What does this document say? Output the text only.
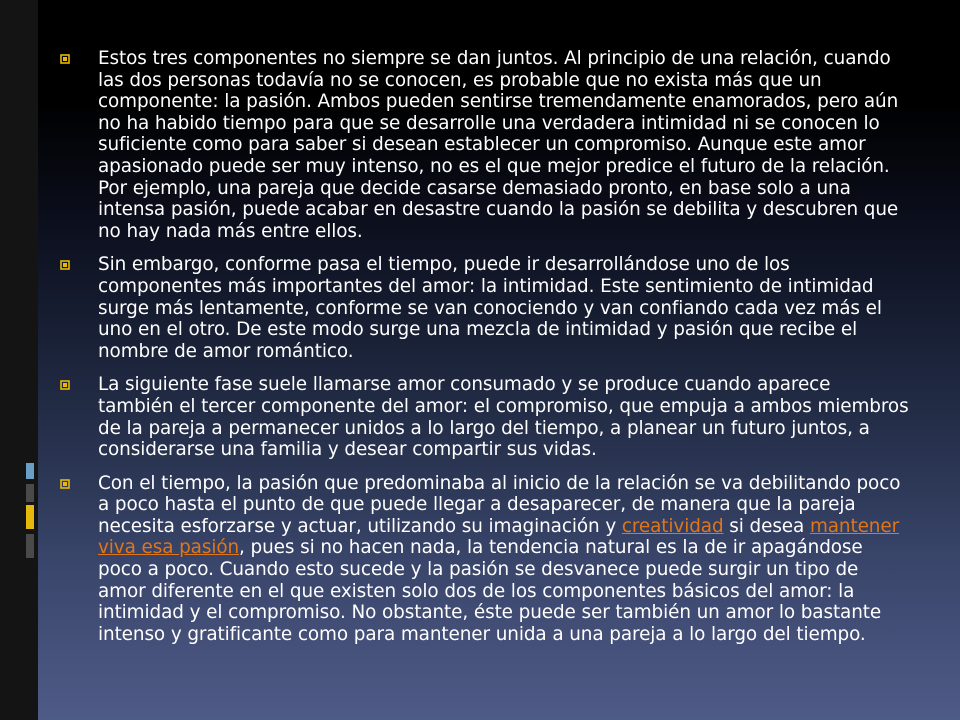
Estos tres componentes no siempre se dan juntos. Al principio de una relación, cuando las dos personas todavía no se conocen, es probable que no exista más que un componente: la pasión. Ambos pueden sentirse tremendamente enamorados, pero aún no ha habido tiempo para que se desarrolle una verdadera intimidad ni se conocen lo suficiente como para saber si desean establecer un compromiso. Aunque este amor apasionado puede ser muy intenso, no es el que mejor predice el futuro de la relación. Por ejemplo, una pareja que decide casarse demasiado pronto, en base solo a una intensa pasión, puede acabar en desastre cuando la pasión se debilita y descubren que no hay nada más entre ellos.
Sin embargo, conforme pasa el tiempo, puede ir desarrollándose uno de los componentes más importantes del amor: la intimidad. Este sentimiento de intimidad surge más lentamente, conforme se van conociendo y van confiando cada vez más el uno en el otro. De este modo surge una mezcla de intimidad y pasión que recibe el nombre de amor romántico.
La siguiente fase suele llamarse amor consumado y se produce cuando aparece también el tercer componente del amor: el compromiso, que empuja a ambos miembros de la pareja a permanecer unidos a lo largo del tiempo, a planear un futuro juntos, a considerarse una familia y desear compartir sus vidas.
Con el tiempo, la pasión que predominaba al inicio de la relación se va debilitando poco a poco hasta el punto de que puede llegar a desaparecer, de manera que la pareja necesita esforzarse y actuar, utilizando su imaginación y creatividad si desea mantener viva esa pasión, pues si no hacen nada, la tendencia natural es la de ir apagándose poco a poco. Cuando esto sucede y la pasión se desvanece puede surgir un tipo de amor diferente en el que existen solo dos de los componentes básicos del amor: la intimidad y el compromiso. No obstante, éste puede ser también un amor lo bastante intenso y gratificante como para mantener unida a una pareja a lo largo del tiempo.
